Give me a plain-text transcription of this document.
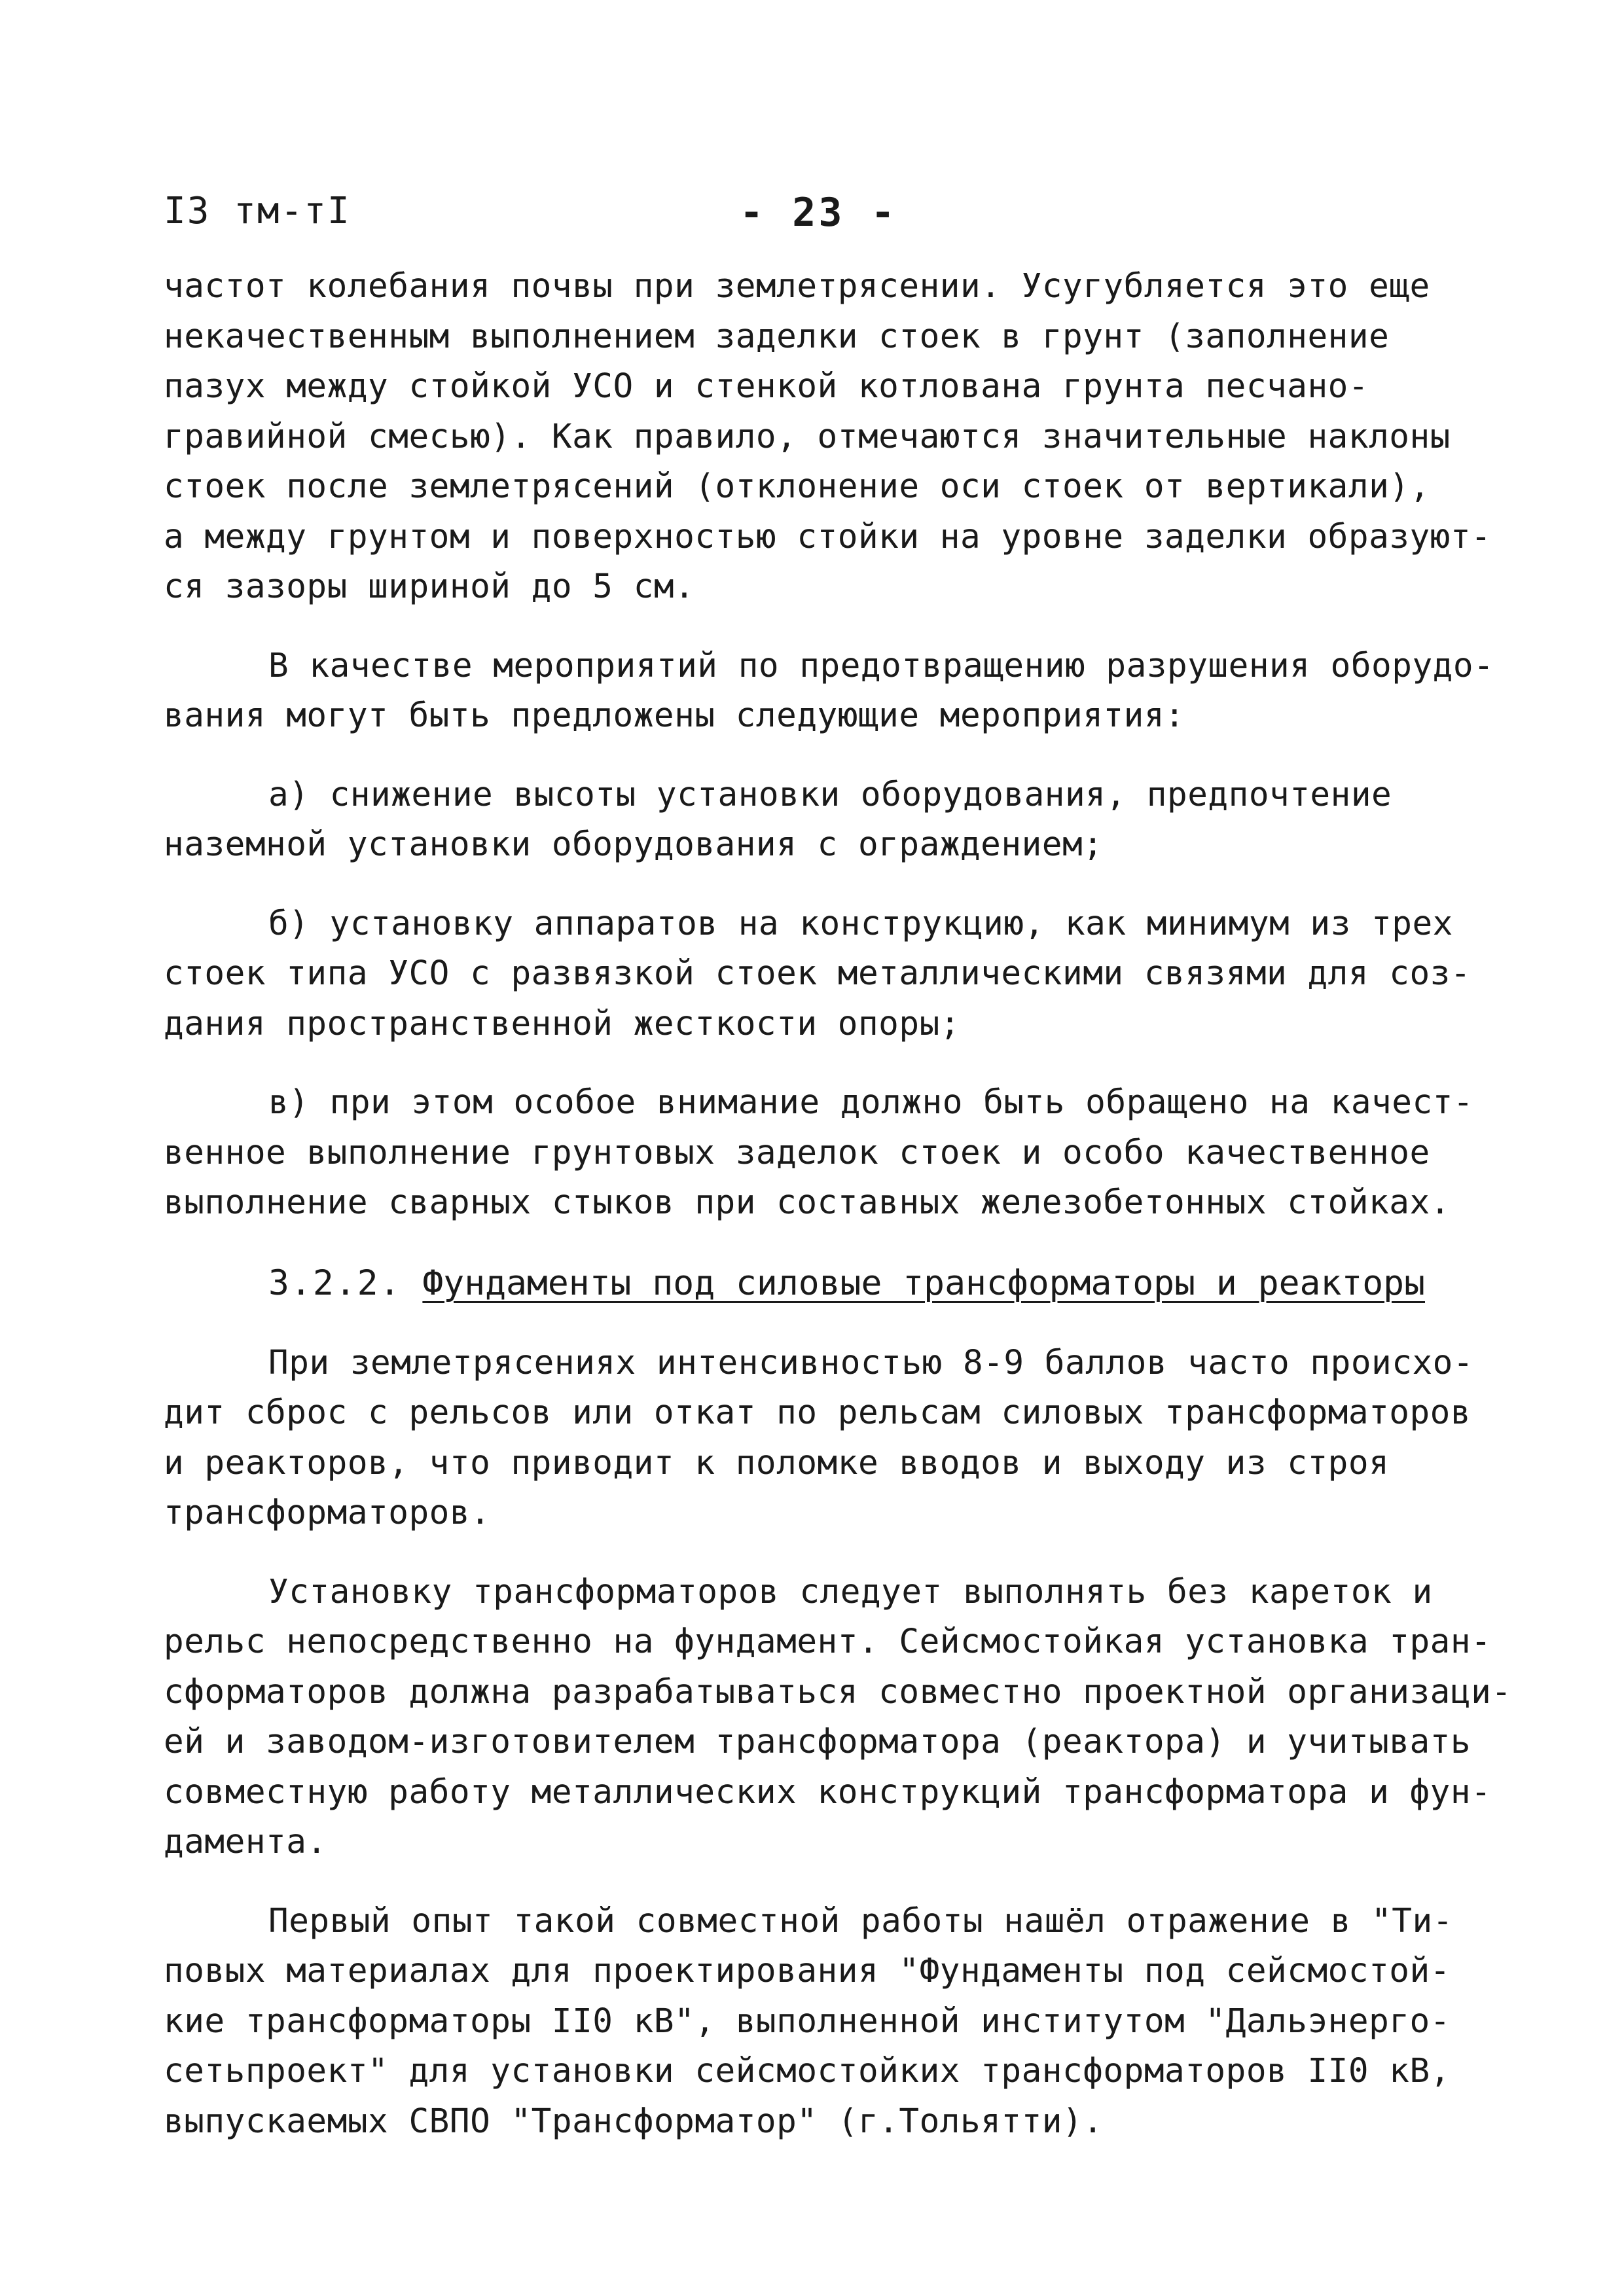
I3 тм-тI	- 23 -
частот колебания почвы при землетрясении. Усугубляется это еще
некачественным выполнением заделки стоек в грунт (заполнение
пазух между стойкой УСО и стенкой котлована грунта песчано-
гравийной смесью). Как правило, отмечаются значительные наклоны
стоек после землетрясений (отклонение оси стоек от вертикали),
а между грунтом и поверхностью стойки на уровне заделки образуют-
ся зазоры шириной до 5 см.
В качестве мероприятий по предотвращению разрушения оборудо-
вания могут быть предложены следующие мероприятия:
а) снижение высоты установки оборудования, предпочтение
наземной установки оборудования с ограждением;
б) установку аппаратов на конструкцию, как минимум из трех
стоек типа УСО с развязкой стоек металлическими связями для соз-
дания пространственной жесткости опоры;
в) при этом особое внимание должно быть обращено на качест-
венное выполнение грунтовых заделок стоек и особо качественное
выполнение сварных стыков при составных железобетонных стойках.
3.2.2. Фундаменты под силовые трансформаторы и реакторы
При землетрясениях интенсивностью 8-9 баллов часто происхо-
дит сброс с рельсов или откат по рельсам силовых трансформаторов
и реакторов, что приводит к поломке вводов и выходу из строя
трансформаторов.
Установку трансформаторов следует выполнять без кареток и
рельс непосредственно на фундамент. Сейсмостойкая установка тран-
сформаторов должна разрабатываться совместно проектной организаци-
ей и заводом-изготовителем трансформатора (реактора) и учитывать
совместную работу металлических конструкций трансформатора и фун-
дамента.
Первый опыт такой совместной работы нашёл отражение в "Ти-
повых материалах для проектирования "Фундаменты под сейсмостой-
кие трансформаторы II0 кВ", выполненной институтом "Дальэнерго-
сетьпроект" для установки сейсмостойких трансформаторов II0 кВ,
выпускаемых СВПО "Трансформатор" (г.Тольятти).
